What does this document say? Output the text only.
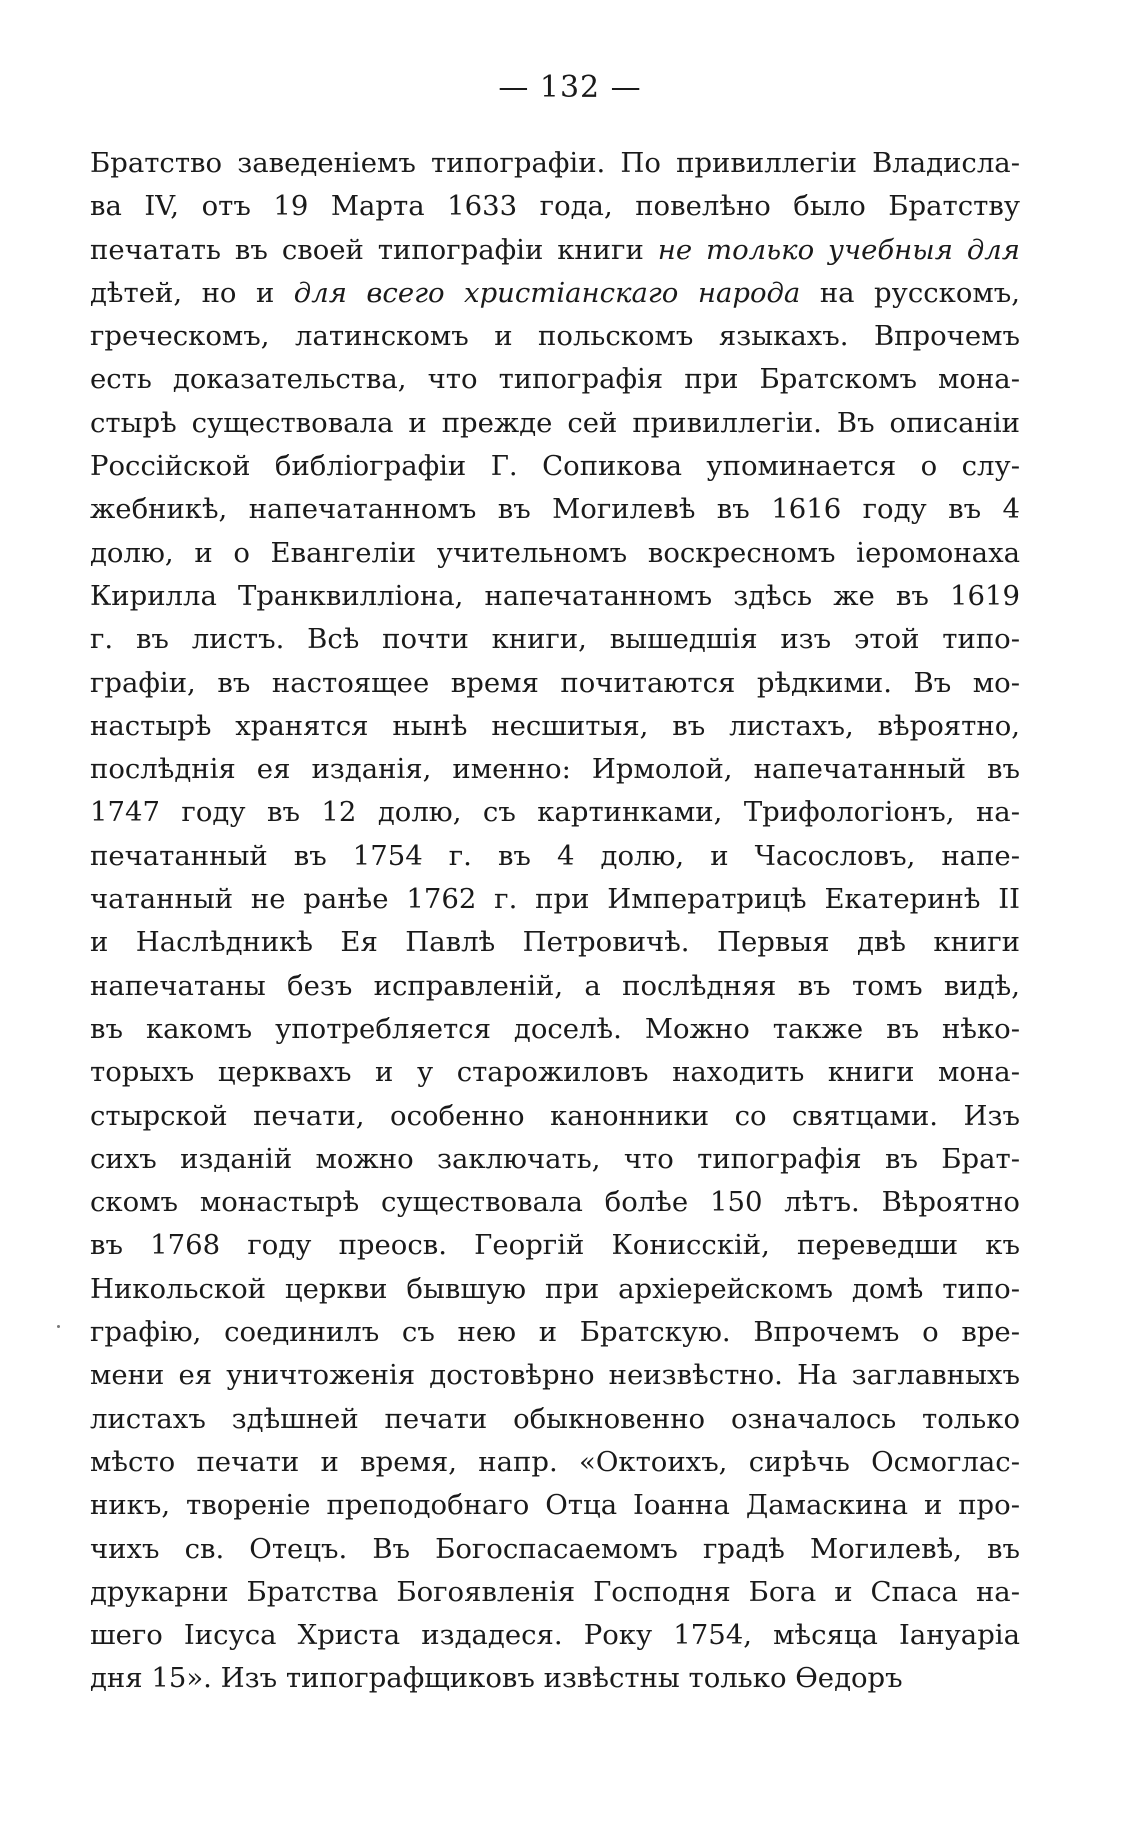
— 132 —
Братство заведенiемъ типографiи. По привиллегiи Владисла-
ва IV, отъ 19 Марта 1633 года, повелѣно было Братству
печатать въ своей типографiи книги не только учебныя для
дѣтей, но и для всего христiанскаго народа на русскомъ,
греческомъ, латинскомъ и польскомъ языкахъ. Впрочемъ
есть доказательства, что типографiя при Братскомъ мона-
стырѣ существовала и прежде сей привиллегiи. Въ описанiи
Россiйской библiографiи Г. Сопикова упоминается о слу-
жебникѣ, напечатанномъ въ Могилевѣ въ 1616 году въ 4
долю, и о Евангелiи учительномъ воскресномъ iеромонаха
Кирилла Транквиллiона, напечатанномъ здѣсь же въ 1619
г. въ листъ. Всѣ почти книги, вышедшiя изъ этой типо-
графiи, въ настоящее время почитаются рѣдкими. Въ мо-
настырѣ хранятся нынѣ несшитыя, въ листахъ, вѣроятно,
послѣднiя ея изданiя, именно: Ирмолой, напечатанный въ
1747 году въ 12 долю, съ картинками, Трифологiонъ, на-
печатанный въ 1754 г. въ 4 долю, и Часословъ, напе-
чатанный не ранѣе 1762 г. при Императрицѣ Екатеринѣ II
и Наслѣдникѣ Ея Павлѣ Петровичѣ. Первыя двѣ книги
напечатаны безъ исправленiй, а послѣдняя въ томъ видѣ,
въ какомъ употребляется доселѣ. Можно также въ нѣко-
торыхъ церквахъ и у старожиловъ находить книги мона-
стырской печати, особенно канонники со святцами. Изъ
сихъ изданiй можно заключать, что типографiя въ Брат-
скомъ монастырѣ существовала болѣе 150 лѣтъ. Вѣроятно
въ 1768 году преосв. Георгiй Конисскiй, переведши къ
Никольской церкви бывшую при архiерейскомъ домѣ типо-
графiю, соединилъ съ нею и Братскую. Впрочемъ о вре-
мени ея уничтоженiя достовѣрно неизвѣстно. На заглавныхъ
листахъ здѣшней печати обыкновенно означалось только
мѣсто печати и время, напр. «Октоихъ, сирѣчь Осмоглас-
никъ, творенiе преподобнаго Отца Iоанна Дамаскина и про-
чихъ св. Отецъ. Въ Богоспасаемомъ градѣ Могилевѣ, въ
друкарни Братства Богоявленiя Господня Бога и Спаса на-
шего Iисуса Христа издадеся. Року 1754, мѣсяца Iануарiа
дня 15». Изъ типографщиковъ извѣстны только Ѳедоръ
